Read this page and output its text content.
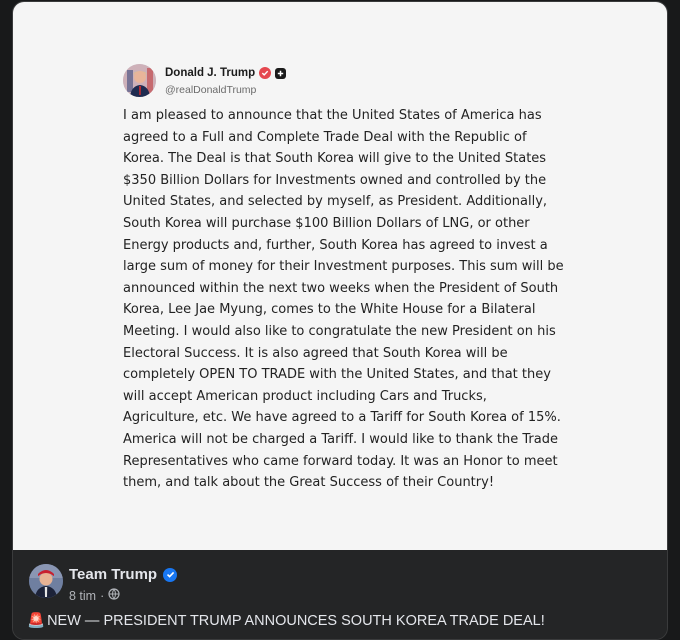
Donald J. Trump
@realDonaldTrump
I am pleased to announce that the United States of America has
agreed to a Full and Complete Trade Deal with the Republic of
Korea. The Deal is that South Korea will give to the United States
$350 Billion Dollars for Investments owned and controlled by the
United States, and selected by myself, as President. Additionally,
South Korea will purchase $100 Billion Dollars of LNG, or other
Energy products and, further, South Korea has agreed to invest a
large sum of money for their Investment purposes. This sum will be
announced within the next two weeks when the President of South
Korea, Lee Jae Myung, comes to the White House for a Bilateral
Meeting. I would also like to congratulate the new President on his
Electoral Success. It is also agreed that South Korea will be
completely OPEN TO TRADE with the United States, and that they
will accept American product including Cars and Trucks,
Agriculture, etc. We have agreed to a Tariff for South Korea of 15%.
America will not be charged a Tariff. I would like to thank the Trade
Representatives who came forward today. It was an Honor to meet
them, and talk about the Great Success of their Country!
Team Trump
8 tim ·
🚨 NEW — PRESIDENT TRUMP ANNOUNCES SOUTH KOREA TRADE DEAL!
